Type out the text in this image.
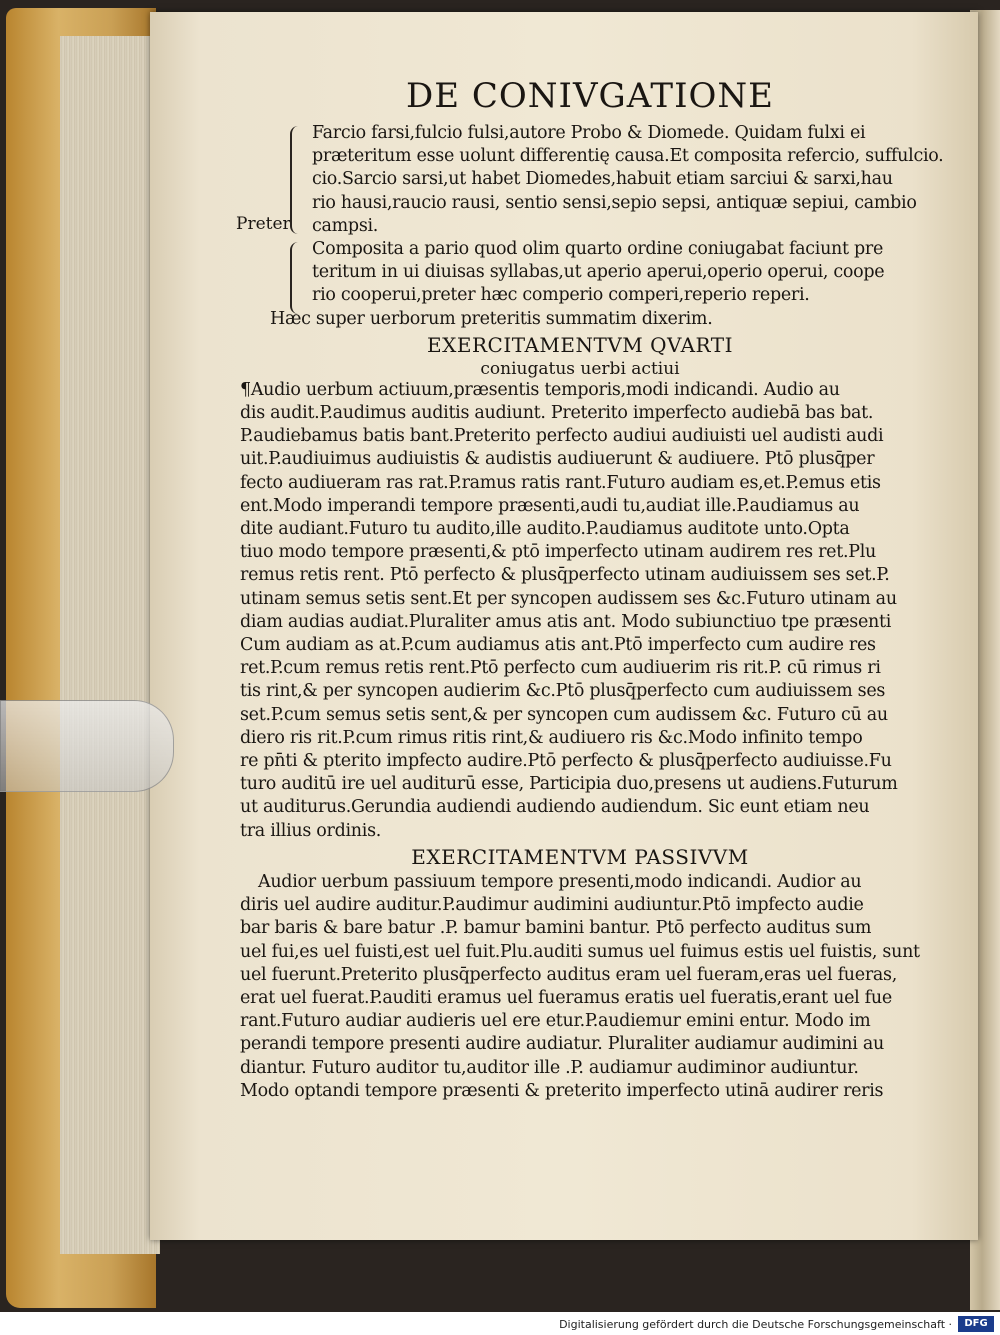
DE CONIVGATIONE
Preter
Farcio farsi,fulcio fulsi,autore Probo & Diomede. Quidam fulxi ei
præteritum esse uolunt differentię causa.Et composita refercio, suffulcio.
cio.Sarcio sarsi,ut habet Diomedes,habuit etiam sarciui & sarxi,hau
rio hausi,raucio rausi, sentio sensi,sepio sepsi, antiquæ sepiui, cambio
campsi.
Composita a pario quod olim quarto ordine coniugabat faciunt pre
teritum in ui diuisas syllabas,ut aperio aperui,operio operui, coope
rio cooperui,preter hæc comperio comperi,reperio reperi.
Hæc super uerborum preteritis summatim dixerim.
EXERCITAMENTVM QVARTI
coniugatus uerbi actiui
¶Audio uerbum actiuum,præsentis temporis,modi indicandi. Audio au
dis audit.P.audimus auditis audiunt. Preterito imperfecto audiebā bas bat.
P.audiebamus batis bant.Preterito perfecto audiui audiuisti uel audisti audi
uit.P.audiuimus audiuistis & audistis audiuerunt & audiuere. Ptō plusq̄per
fecto audiueram ras rat.P.ramus ratis rant.Futuro audiam es,et.P.emus etis
ent.Modo imperandi tempore præsenti,audi tu,audiat ille.P.audiamus au
dite audiant.Futuro tu audito,ille audito.P.audiamus auditote unto.Opta
tiuo modo tempore præsenti,& ptō imperfecto utinam audirem res ret.Plu
remus retis rent. Ptō perfecto & plusq̄perfecto utinam audiuissem ses set.P.
utinam semus setis sent.Et per syncopen audissem ses &c.Futuro utinam au
diam audias audiat.Pluraliter amus atis ant. Modo subiunctiuo tpe præsenti
Cum audiam as at.P.cum audiamus atis ant.Ptō imperfecto cum audire res
ret.P.cum remus retis rent.Ptō perfecto cum audiuerim ris rit.P. cū rimus ri
tis rint,& per syncopen audierim &c.Ptō plusq̄perfecto cum audiuissem ses
set.P.cum semus setis sent,& per syncopen cum audissem &c. Futuro cū au
diero ris rit.P.cum rimus ritis rint,& audiuero ris &c.Modo infinito tempo
re pn̄ti & pterito impfecto audire.Ptō perfecto & plusq̄perfecto audiuisse.Fu
turo auditū ire uel auditurū esse, Participia duo,presens ut audiens.Futurum
ut auditurus.Gerundia audiendi audiendo audiendum. Sic eunt etiam neu
tra illius ordinis.
EXERCITAMENTVM PASSIVVM
Audior uerbum passiuum tempore presenti,modo indicandi. Audior au
diris uel audire auditur.P.audimur audimini audiuntur.Ptō impfecto audie
bar baris & bare batur .P. bamur bamini bantur. Ptō perfecto auditus sum
uel fui,es uel fuisti,est uel fuit.Plu.auditi sumus uel fuimus estis uel fuistis, sunt
uel fuerunt.Preterito plusq̄perfecto auditus eram uel fueram,eras uel fueras,
erat uel fuerat.P.auditi eramus uel fueramus eratis uel fueratis,erant uel fue
rant.Futuro audiar audieris uel ere etur.P.audiemur emini entur. Modo im
perandi tempore presenti audire audiatur. Pluraliter audiamur audimini au
diantur. Futuro auditor tu,auditor ille .P. audiamur audiminor audiuntur.
Modo optandi tempore præsenti & preterito imperfecto utinā audirer reris
Digitalisierung gefördert durch die Deutsche Forschungsgemeinschaft ·	DFG
